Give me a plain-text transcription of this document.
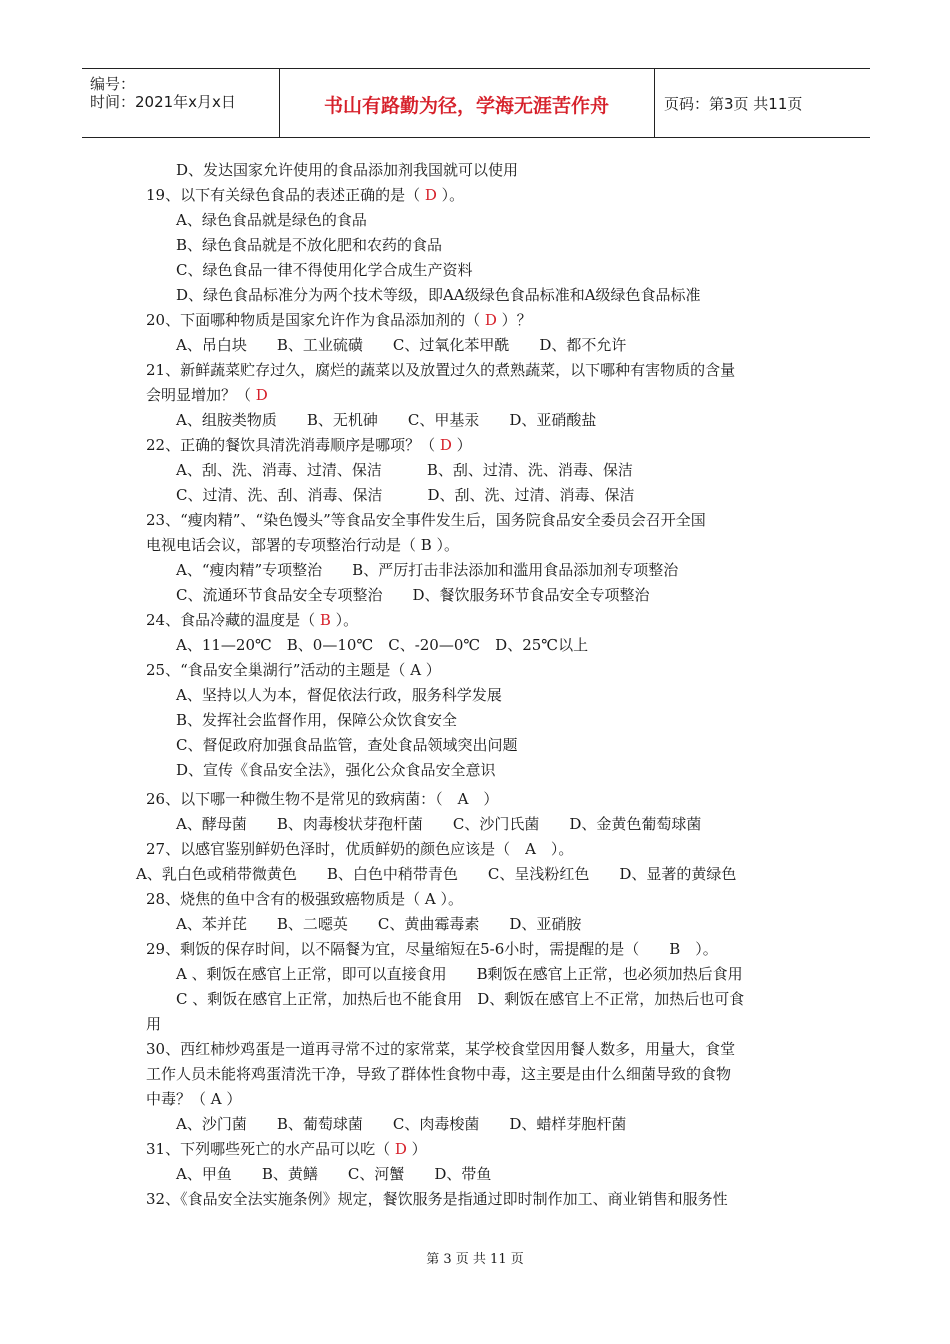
编号：
时间：2021年x月x日	书山有路勤为径，学海无涯苦作舟	页码：第3页 共11页
D、发达国家允许使用的食品添加剂我国就可以使用
19、以下有关绿色食品的表述正确的是（ D ）。
A、绿色食品就是绿色的食品
B、绿色食品就是不放化肥和农药的食品
C、绿色食品一律不得使用化学合成生产资料
D、绿色食品标准分为两个技术等级，即AA级绿色食品标准和A级绿色食品标准
20、下面哪种物质是国家允许作为食品添加剂的（ D ）？
A、吊白块　　B、工业硫磺　　C、过氧化苯甲酰　　D、都不允许
21、新鲜蔬菜贮存过久，腐烂的蔬菜以及放置过久的煮熟蔬菜，以下哪种有害物质的含量
会明显增加？（ D
A、组胺类物质　　B、无机砷　　C、甲基汞　　D、亚硝酸盐
22、正确的餐饮具清洗消毒顺序是哪项？（ D ）
A、刮、洗、消毒、过清、保洁　　　B、刮、过清、洗、消毒、保洁
C、过清、洗、刮、消毒、保洁　　　D、刮、洗、过清、消毒、保洁
23、“瘦肉精”、“染色馒头”等食品安全事件发生后，国务院食品安全委员会召开全国
电视电话会议，部署的专项整治行动是（ B ）。
A、“瘦肉精”专项整治　　B、严厉打击非法添加和滥用食品添加剂专项整治
C、流通环节食品安全专项整治　　D、餐饮服务环节食品安全专项整治
24、食品冷藏的温度是（ B ）。
A、11—20℃　B、0—10℃　C、-20—0℃　D、25℃以上
25、“食品安全巢湖行”活动的主题是（ A ）
A、坚持以人为本，督促依法行政，服务科学发展
B、发挥社会监督作用，保障公众饮食安全
C、督促政府加强食品监管，查处食品领域突出问题
D、宣传《食品安全法》，强化公众食品安全意识
26、以下哪一种微生物不是常见的致病菌：（　A　）
A、酵母菌　　B、肉毒梭状芽孢杆菌　　C、沙门氏菌　　D、金黄色葡萄球菌
27、以感官鉴别鲜奶色泽时，优质鲜奶的颜色应该是（　A　）。
A、乳白色或稍带微黄色　　B、白色中稍带青色　　C、呈浅粉红色　　D、显著的黄绿色
28、烧焦的鱼中含有的极强致癌物质是（ A ）。
A、苯并芘　　B、二噁英　　C、黄曲霉毒素　　D、亚硝胺
29、剩饭的保存时间，以不隔餐为宜，尽量缩短在5-6小时，需提醒的是（　　B　）。
A 、剩饭在感官上正常，即可以直接食用　　B剩饭在感官上正常，也必须加热后食用
C 、剩饭在感官上正常，加热后也不能食用　D、剩饭在感官上不正常，加热后也可食
用
30、西红柿炒鸡蛋是一道再寻常不过的家常菜，某学校食堂因用餐人数多，用量大，食堂
工作人员未能将鸡蛋清洗干净，导致了群体性食物中毒，这主要是由什么细菌导致的食物
中毒？（ A ）
A、沙门菌　　B、葡萄球菌　　C、肉毒梭菌　　D、蜡样芽胞杆菌
31、下列哪些死亡的水产品可以吃（ D ）
A、甲鱼　　B、黄鳝　　C、河蟹　　D、带鱼
32、《食品安全法实施条例》规定，餐饮服务是指通过即时制作加工、商业销售和服务性
第 3 页 共 11 页
